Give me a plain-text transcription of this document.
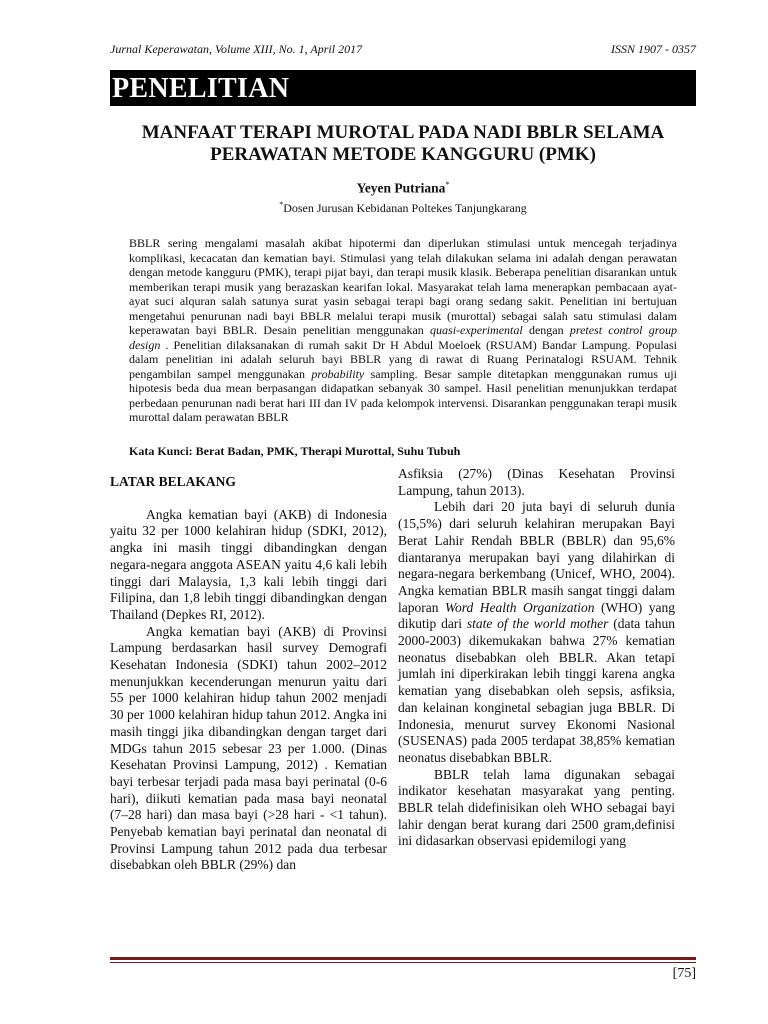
Jurnal Keperawatan, Volume XIII, No. 1, April 2017	ISSN 1907 - 0357
PENELITIAN
MANFAAT TERAPI MUROTAL PADA NADI BBLR SELAMA
PERAWATAN METODE KANGGURU (PMK)
Yeyen Putriana*
*Dosen Jurusan Kebidanan Poltekes Tanjungkarang

BBLR sering mengalami masalah akibat hipotermi dan diperlukan stimulasi untuk mencegah terjadinya komplikasi, kecacatan dan kematian bayi. Stimulasi yang telah dilakukan selama ini adalah dengan perawatan dengan metode kangguru (PMK), terapi pijat bayi, dan terapi musik klasik. Beberapa penelitian disarankan untuk memberikan terapi musik yang berazaskan kearifan lokal. Masyarakat telah lama menerapkan pembacaan ayat-ayat suci alquran salah satunya surat yasin sebagai terapi bagi orang sedang sakit. Penelitian ini bertujuan mengetahui penurunan nadi bayi BBLR melalui terapi musik (murottal) sebagai salah satu stimulasi dalam keperawatan bayi BBLR. Desain penelitian menggunakan quasi-experimental dengan pretest control group design . Penelitian dilaksanakan di rumah sakit Dr H Abdul Moeloek (RSUAM) Bandar Lampung. Populasi dalam penelitian ini adalah seluruh bayi BBLR yang di rawat di Ruang Perinatalogi RSUAM. Tehnik pengambilan sampel menggunakan probability sampling. Besar sample ditetapkan menggunakan rumus uji hipotesis beda dua mean berpasangan didapatkan sebanyak 30 sampel. Hasil penelitian menunjukkan terdapat perbedaan penurunan nadi berat hari III dan IV pada kelompok intervensi. Disarankan penggunakan terapi musik murottal dalam perawatan BBLR

Kata Kunci: Berat Badan, PMK, Therapi Murottal, Suhu Tubuh
LATAR BELAKANG

Angka kematian bayi (AKB) di Indonesia yaitu 32 per 1000 kelahiran hidup (SDKI, 2012), angka ini masih tinggi dibandingkan dengan negara-negara anggota ASEAN yaitu 4,6 kali lebih tinggi dari Malaysia, 1,3 kali lebih tinggi dari Filipina, dan 1,8 lebih tinggi dibandingkan dengan Thailand (Depkes RI, 2012).

Angka kematian bayi (AKB) di Provinsi Lampung berdasarkan hasil survey Demografi Kesehatan Indonesia (SDKI) tahun 2002–2012 menunjukkan kecenderungan menurun yaitu dari 55 per 1000 kelahiran hidup tahun 2002 menjadi 30 per 1000 kelahiran hidup tahun 2012. Angka ini masih tinggi jika dibandingkan dengan target dari MDGs tahun 2015 sebesar 23 per 1.000. (Dinas Kesehatan Provinsi Lampung, 2012) . Kematian bayi terbesar terjadi pada masa bayi perinatal (0-6 hari), diikuti kematian pada masa bayi neonatal (7–28 hari) dan masa bayi (>28 hari - <1 tahun). Penyebab kematian bayi perinatal dan neonatal di Provinsi Lampung tahun 2012 pada dua terbesar disebabkan oleh BBLR (29%) dan

Asfiksia (27%) (Dinas Kesehatan Provinsi Lampung, tahun 2013).

Lebih dari 20 juta bayi di seluruh dunia (15,5%) dari seluruh kelahiran merupakan Bayi Berat Lahir Rendah BBLR (BBLR) dan 95,6% diantaranya merupakan bayi yang dilahirkan di negara-negara berkembang (Unicef, WHO, 2004). Angka kematian BBLR masih sangat tinggi dalam laporan Word Health Organization (WHO) yang dikutip dari state of the world mother (data tahun 2000-2003) dikemukakan bahwa 27% kematian neonatus disebabkan oleh BBLR. Akan tetapi jumlah ini diperkirakan lebih tinggi karena angka kematian yang disebabkan oleh sepsis, asfiksia, dan kelainan konginetal sebagian juga BBLR. Di Indonesia, menurut survey Ekonomi Nasional (SUSENAS) pada 2005 terdapat 38,85% kematian neonatus disebabkan BBLR.

BBLR telah lama digunakan sebagai indikator kesehatan masyarakat yang penting. BBLR telah didefinisikan oleh WHO sebagai bayi lahir dengan berat kurang dari 2500 gram,definisi ini didasarkan observasi epidemilogi yang

[75]
